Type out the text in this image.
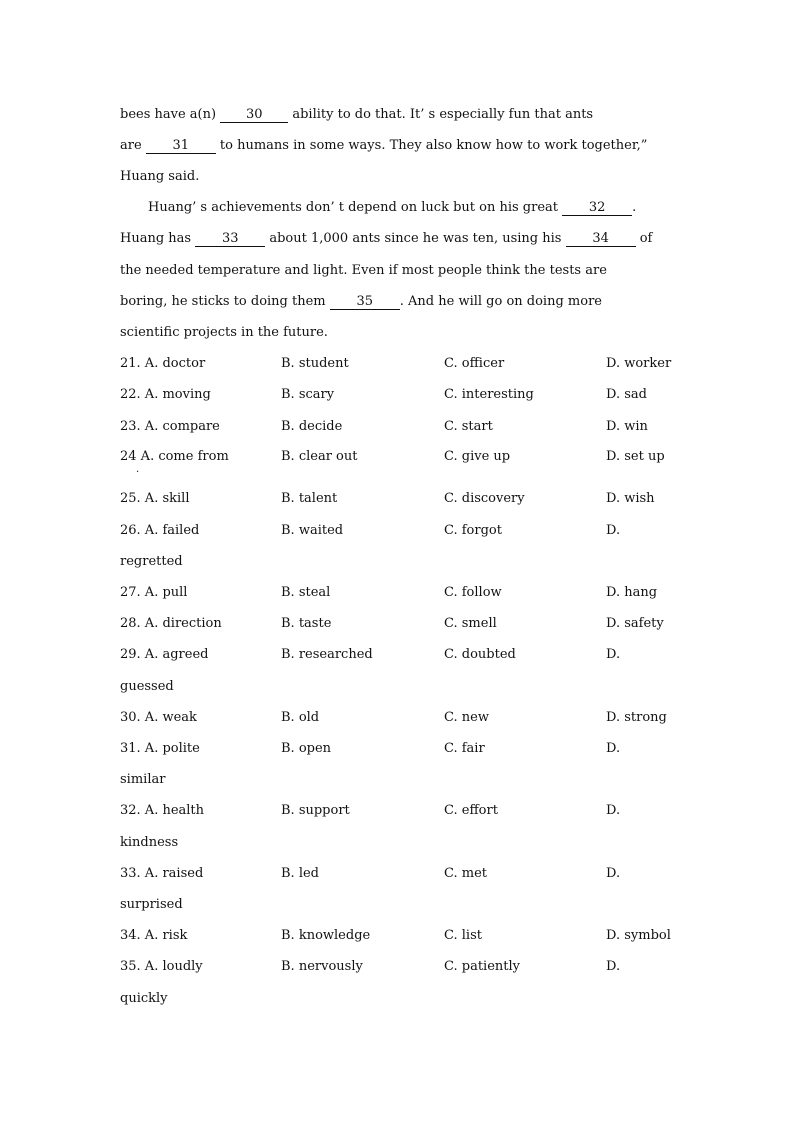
bees have a(n) 30 ability to do that. It’ s especially fun that ants
are 31 to humans in some ways. They also know how to work together,”
Huang said.
Huang’ s achievements don’ t depend on luck but on his great 32 .
Huang has 33 about 1,000 ants since he was ten, using his 34 of
the needed temperature and light. Even if most people think the tests are
boring, he sticks to doing them 35 . And he will go on doing more
scientific projects in the future.
21. A. doctor	B. student	C. officer	D. worker
22. A. moving	B. scary	C. interesting	D. sad
23. A. compare	B. decide	C. start	D. win
24 A. come from	B. clear out	C. give up	D. set up
.
25. A. skill	B. talent	C. discovery	D. wish
26. A. failed	B. waited	C. forgot	D.
regretted
27. A. pull	B. steal	C. follow	D. hang
28. A. direction	B. taste	C. smell	D. safety
29. A. agreed	B. researched	C. doubted	D.
guessed
30. A. weak	B. old	C. new	D. strong
31. A. polite	B. open	C. fair	D.
similar
32. A. health	B. support	C. effort	D.
kindness
33. A. raised	B. led	C. met	D.
surprised
34. A. risk	B. knowledge	C. list	D. symbol
35. A. loudly	B. nervously	C. patiently	D.
quickly
